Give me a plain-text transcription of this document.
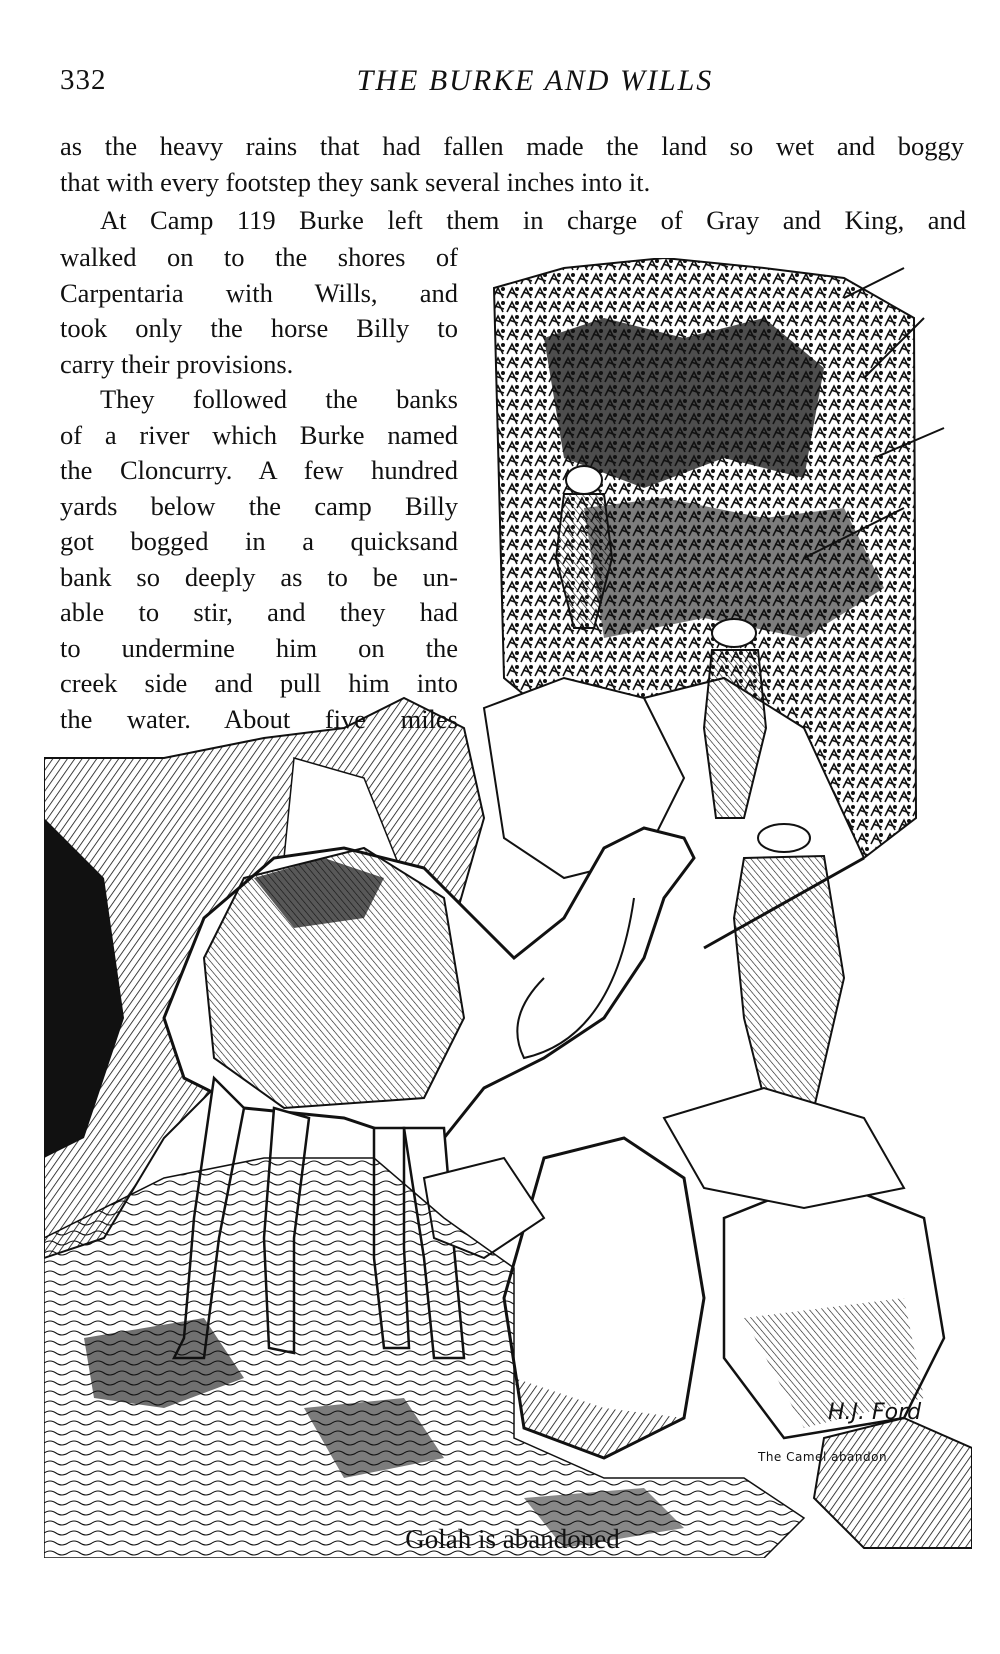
332	THE BURKE AND WILLS
as the heavy rains that had fallen made the land so wet and boggy
that with every footstep they sank several inches into it.
At Camp 119 Burke left them in charge of Gray and King, and
walked on to the shores of
Carpentaria with Wills, and
took only the horse Billy to
carry their provisions.
They followed the banks
of a river which Burke named
the Cloncurry. A few hundred
yards below the camp Billy
got bogged in a quicksand
bank so deeply as to be un-
able to stir, and they had
to undermine him on the
creek side and pull him into
the water. About five miles
H.J. Ford
The Camel abandon
Golah is abandoned
